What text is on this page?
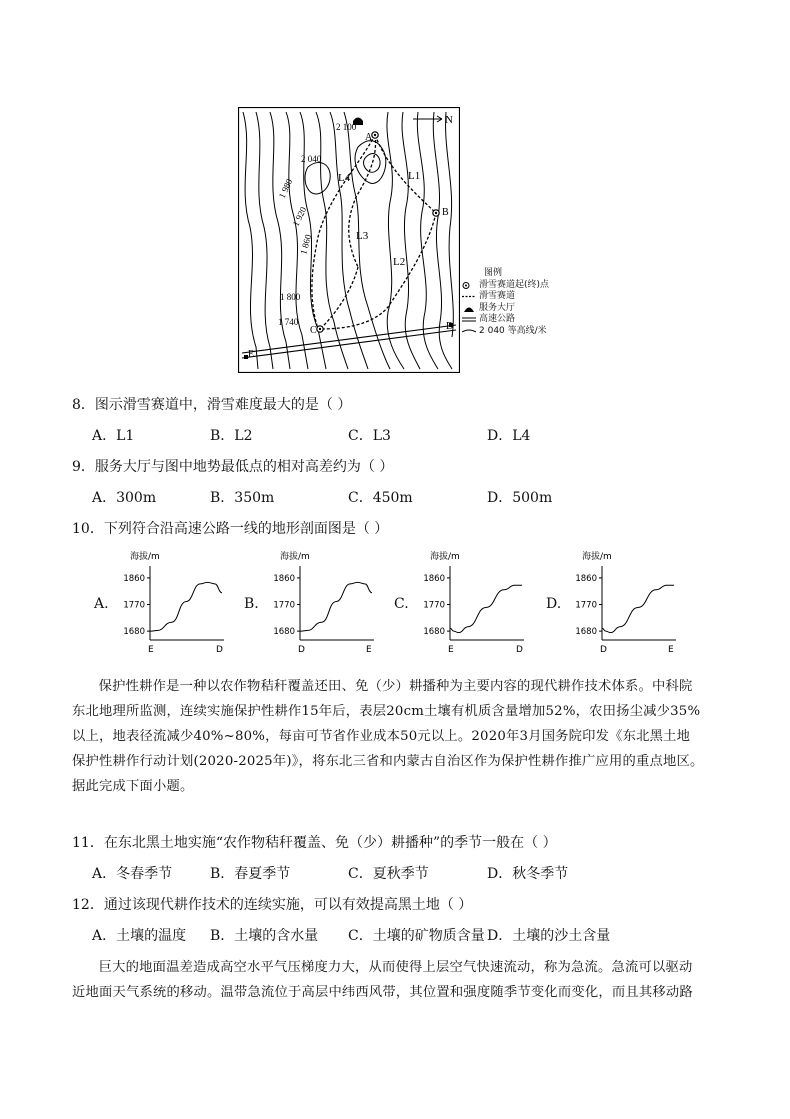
N
A
B
C	D
E
L1
L2
L3
L4
2 100
2 040
1 980
1 920
1 860
1 800
1 740
图例
滑雪赛道起(终)点
滑雪赛道
服务大厅
高速公路
2 040 等高线/米
8．图示滑雪赛道中，滑雪难度最大的是（ ）
A．L1	B．L2	C．L3	D．L4
9．服务大厅与图中地势最低点的相对高差约为（ ）
A．300m	B．350m	C．450m	D．500m
10．下列符合沿高速公路一线的地形剖面图是（ ）
A.	B.	C.	D.
海拔/m
1860
1770
1680
E	D
海拔/m
1860
1770
1680
D	E
海拔/m
1860
1770
1680
E	D
海拔/m
1860
1770
1680
D	E
保护性耕作是一种以农作物秸秆覆盖还田、免（少）耕播种为主要内容的现代耕作技术体系。中科院
东北地理所监测，连续实施保护性耕作15年后，表层20cm土壤有机质含量增加52%，农田扬尘减少35%
以上，地表径流减少40%~80%，每亩可节省作业成本50元以上。2020年3月国务院印发《东北黑土地
保护性耕作行动计划(2020-2025年)》，将东北三省和内蒙古自治区作为保护性耕作推广应用的重点地区。
据此完成下面小题。
11．在东北黑土地实施“农作物秸秆覆盖、免（少）耕播种”的季节一般在（ ）
A．冬春季节	B．春夏季节	C．夏秋季节	D．秋冬季节
12．通过该现代耕作技术的连续实施，可以有效提高黑土地（ ）
A．土壤的温度 B．土壤的含水量 C．土壤的矿物质含量 D．土壤的沙土含量
巨大的地面温差造成高空水平气压梯度力大，从而使得上层空气快速流动，称为急流。急流可以驱动
近地面天气系统的移动。温带急流位于高层中纬西风带，其位置和强度随季节变化而变化，而且其移动路
